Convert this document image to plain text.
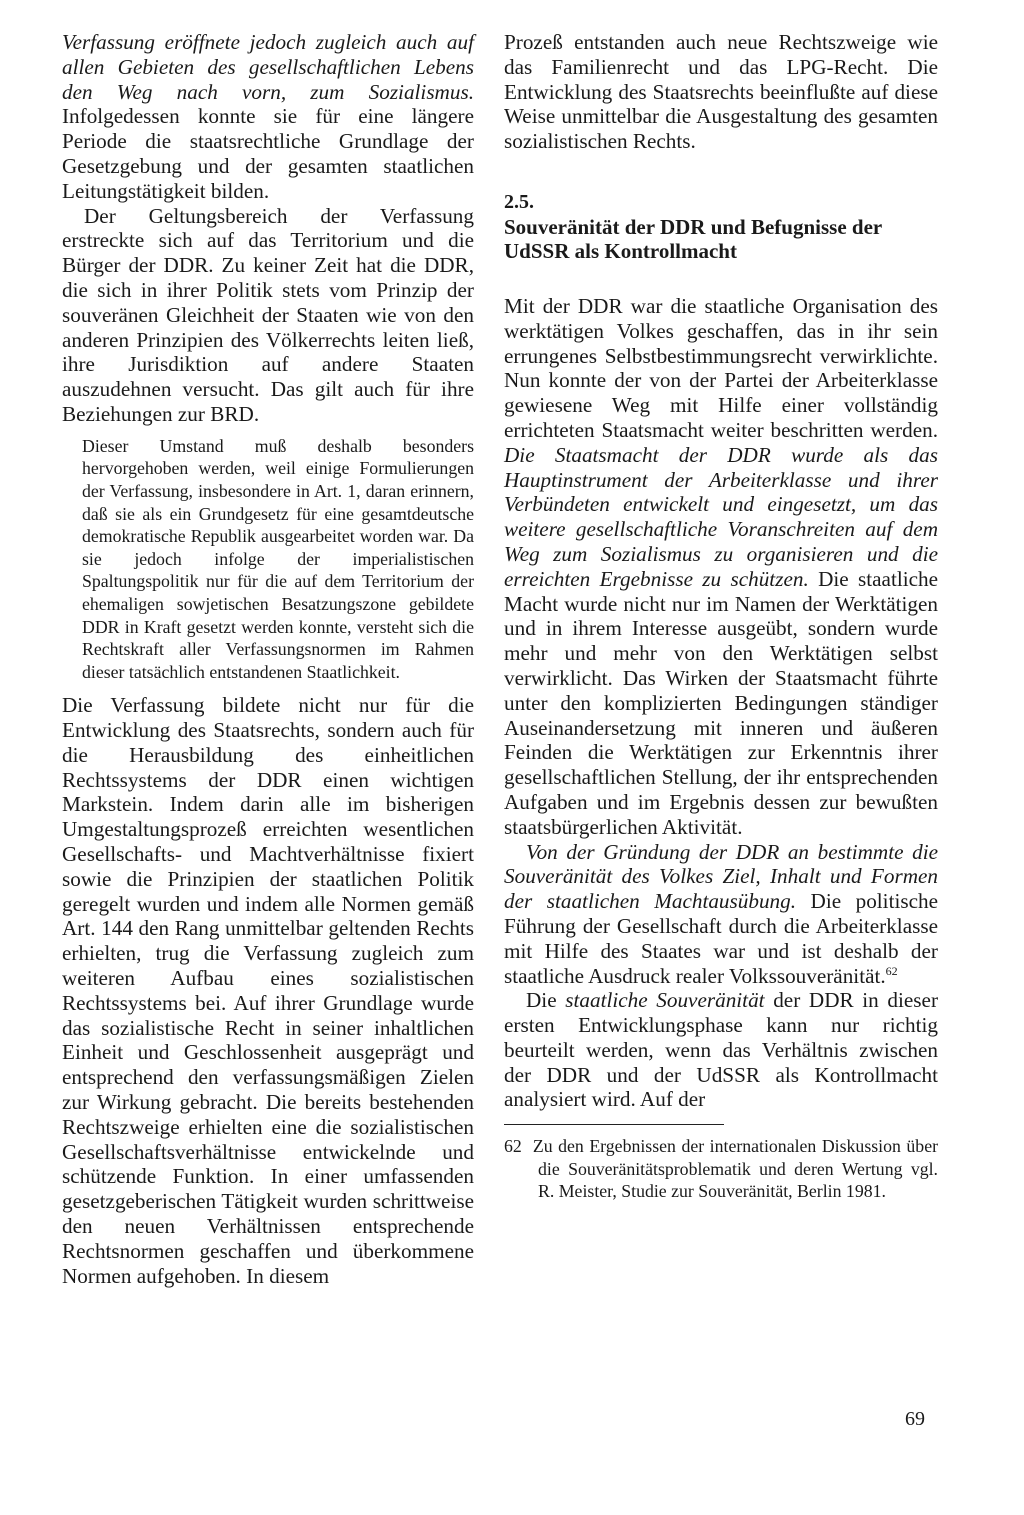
Verfassung eröffnete jedoch zugleich auch auf allen Gebieten des gesellschaftlichen Lebens den Weg nach vorn, zum Sozialismus. Infolgedessen konnte sie für eine längere Periode die staatsrechtliche Grundlage der Gesetzgebung und der gesamten staatlichen Leitungstätigkeit bilden.

Der Geltungsbereich der Verfassung erstreckte sich auf das Territorium und die Bürger der DDR. Zu keiner Zeit hat die DDR, die sich in ihrer Politik stets vom Prinzip der souveränen Gleichheit der Staaten wie von den anderen Prinzipien des Völkerrechts leiten ließ, ihre Jurisdiktion auf andere Staaten auszudehnen versucht. Das gilt auch für ihre Beziehungen zur BRD.

Dieser Umstand muß deshalb besonders hervorgehoben werden, weil einige Formulierungen der Verfassung, insbesondere in Art. 1, daran erinnern, daß sie als ein Grundgesetz für eine gesamtdeutsche demokratische Republik ausgearbeitet worden war. Da sie jedoch infolge der imperialistischen Spaltungspolitik nur für die auf dem Territorium der ehemaligen sowjetischen Besatzungszone gebildete DDR in Kraft gesetzt werden konnte, versteht sich die Rechtskraft aller Verfassungsnormen im Rahmen dieser tatsächlich entstandenen Staatlichkeit.

Die Verfassung bildete nicht nur für die Entwicklung des Staatsrechts, sondern auch für die Herausbildung des einheitlichen Rechtssystems der DDR einen wichtigen Markstein. Indem darin alle im bisherigen Umgestaltungsprozeß erreichten wesentlichen Gesellschafts- und Machtverhältnisse fixiert sowie die Prinzipien der staatlichen Politik geregelt wurden und indem alle Normen gemäß Art. 144 den Rang unmittelbar geltenden Rechts erhielten, trug die Verfassung zugleich zum weiteren Aufbau eines sozialistischen Rechtssystems bei. Auf ihrer Grundlage wurde das sozialistische Recht in seiner inhaltlichen Einheit und Geschlossenheit ausgeprägt und entsprechend den verfassungsmäßigen Zielen zur Wirkung gebracht. Die bereits bestehenden Rechtszweige erhielten eine die sozialistischen Gesellschaftsverhältnisse entwickelnde und schützende Funktion. In einer umfassenden gesetzgeberischen Tätigkeit wurden schrittweise den neuen Verhältnissen entsprechende Rechtsnormen geschaffen und überkommene Normen aufgehoben. In diesem

Prozeß entstanden auch neue Rechtszweige wie das Familienrecht und das LPG-Recht. Die Entwicklung des Staatsrechts beeinflußte auf diese Weise unmittelbar die Ausgestaltung des gesamten sozialistischen Rechts.

2.5.
Souveränität der DDR und Befugnisse der UdSSR als Kontrollmacht

Mit der DDR war die staatliche Organisation des werktätigen Volkes geschaffen, das in ihr sein errungenes Selbstbestimmungsrecht verwirklichte. Nun konnte der von der Partei der Arbeiterklasse gewiesene Weg mit Hilfe einer vollständig errichteten Staatsmacht weiter beschritten werden. Die Staatsmacht der DDR wurde als das Hauptinstrument der Arbeiterklasse und ihrer Verbündeten entwickelt und eingesetzt, um das weitere gesellschaftliche Voranschreiten auf dem Weg zum Sozialismus zu organisieren und die erreichten Ergebnisse zu schützen. Die staatliche Macht wurde nicht nur im Namen der Werktätigen und in ihrem Interesse ausgeübt, sondern wurde mehr und mehr von den Werktätigen selbst verwirklicht. Das Wirken der Staatsmacht führte unter den komplizierten Bedingungen ständiger Auseinandersetzung mit inneren und äußeren Feinden die Werktätigen zur Erkenntnis ihrer gesellschaftlichen Stellung, der ihr entsprechenden Aufgaben und im Ergebnis dessen zur bewußten staatsbürgerlichen Aktivität.

Von der Gründung der DDR an bestimmte die Souveränität des Volkes Ziel, Inhalt und Formen der staatlichen Machtausübung. Die politische Führung der Gesellschaft durch die Arbeiterklasse mit Hilfe des Staates war und ist deshalb der staatliche Ausdruck realer Volkssouveränität.$^{62}$

Die staatliche Souveränität der DDR in dieser ersten Entwicklungsphase kann nur richtig beurteilt werden, wenn das Verhältnis zwischen der DDR und der UdSSR als Kontrollmacht analysiert wird. Auf der

62 Zu den Ergebnissen der internationalen Diskussion über die Souveränitätsproblematik und deren Wertung vgl. R. Meister, Studie zur Souveränität, Berlin 1981.

69
